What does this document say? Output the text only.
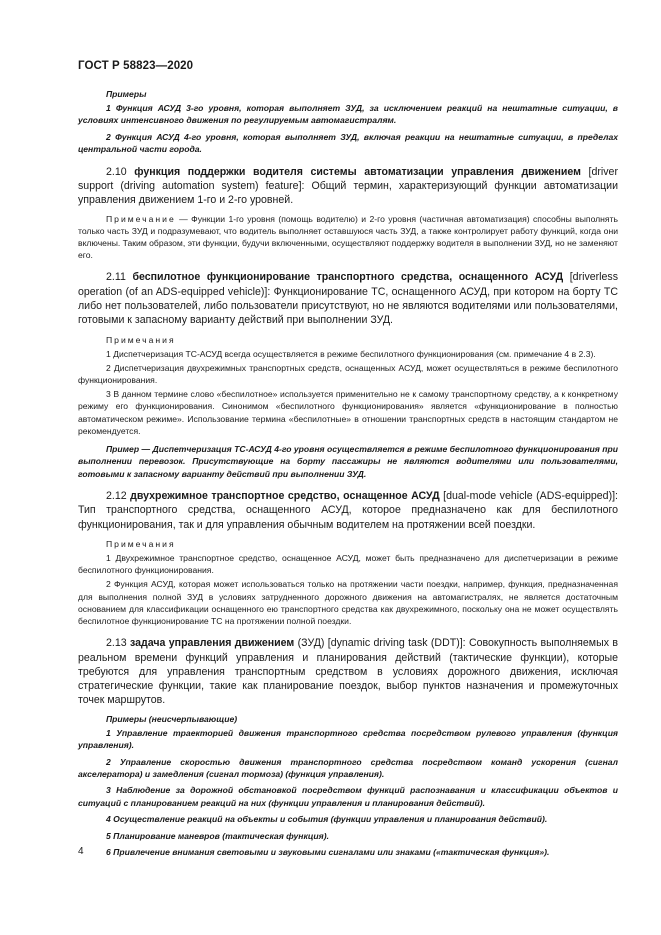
ГОСТ Р 58823—2020

Примеры

1 Функция АСУД 3-го уровня, которая выполняет ЗУД, за исключением реакций на нештатные ситуации, в условиях интенсивного движения по регулируемым автомагистралям.

2 Функция АСУД 4-го уровня, которая выполняет ЗУД, включая реакции на нештатные ситуации, в пределах центральной части города.

2.10 функция поддержки водителя системы автоматизации управления движением [driver support (driving automation system) feature]: Общий термин, характеризующий функции автоматизации управления движением 1-го и 2-го уровней.

Примечание — Функции 1-го уровня (помощь водителю) и 2-го уровня (частичная автоматизация) способны выполнять только часть ЗУД и подразумевают, что водитель выполняет оставшуюся часть ЗУД, а также контролирует работу функций, когда они включены. Таким образом, эти функции, будучи включенными, осуществляют поддержку водителя в выполнении ЗУД, но не заменяют его.

2.11 беспилотное функционирование транспортного средства, оснащенного АСУД [driverless operation (of an ADS-equipped vehicle)]: Функционирование ТС, оснащенного АСУД, при котором на борту ТС либо нет пользователей, либо пользователи присутствуют, но не являются водителями или пользователями, готовыми к запасному варианту действий при выполнении ЗУД.

Примечания

1 Диспетчеризация ТС-АСУД всегда осуществляется в режиме беспилотного функционирования (см. примечание 4 в 2.3).

2 Диспетчеризация двухрежимных транспортных средств, оснащенных АСУД, может осуществляться в режиме беспилотного функционирования.

3 В данном термине слово «беспилотное» используется применительно не к самому транспортному средству, а к конкретному режиму его функционирования. Синонимом «беспилотного функционирования» является «функционирование в полностью автоматическом режиме». Использование термина «беспилотные» в отношении транспортных средств в настоящим стандартом не рекомендуется.

Пример — Диспетчеризация ТС-АСУД 4-го уровня осуществляется в режиме беспилотного функционирования при выполнении перевозок. Присутствующие на борту пассажиры не являются водителями или пользователями, готовыми к запасному варианту действий при выполнении ЗУД.

2.12 двухрежимное транспортное средство, оснащенное АСУД [dual-mode vehicle (ADS-equipped)]: Тип транспортного средства, оснащенного АСУД, которое предназначено как для беспилотного функционирования, так и для управления обычным водителем на протяжении всей поездки.

Примечания

1 Двухрежимное транспортное средство, оснащенное АСУД, может быть предназначено для диспетчеризации в режиме беспилотного функционирования.

2 Функция АСУД, которая может использоваться только на протяжении части поездки, например, функция, предназначенная для выполнения полной ЗУД в условиях затрудненного дорожного движения на автомагистралях, не является достаточным основанием для классификации оснащенного ею транспортного средства как двухрежимного, поскольку она не может осуществлять беспилотное функционирование ТС на протяжении полной поездки.

2.13 задача управления движением (ЗУД) [dynamic driving task (DDT)]: Совокупность выполняемых в реальном времени функций управления и планирования действий (тактические функции), которые требуются для управления транспортным средством в условиях дорожного движения, исключая стратегические функции, такие как планирование поездок, выбор пунктов назначения и промежуточных точек маршрутов.

Примеры (неисчерпывающие)

1 Управление траекторией движения транспортного средства посредством рулевого управления (функция управления).

2 Управление скоростью движения транспортного средства посредством команд ускорения (сигнал акселератора) и замедления (сигнал тормоза) (функция управления).

3 Наблюдение за дорожной обстановкой посредством функций распознавания и классификации объектов и ситуаций с планированием реакций на них (функции управления и планирования действий).

4 Осуществление реакций на объекты и события (функции управления и планирования действий).

5 Планирование маневров (тактическая функция).

6 Привлечение внимания световыми и звуковыми сигналами или знаками («тактическая функция»).

4
